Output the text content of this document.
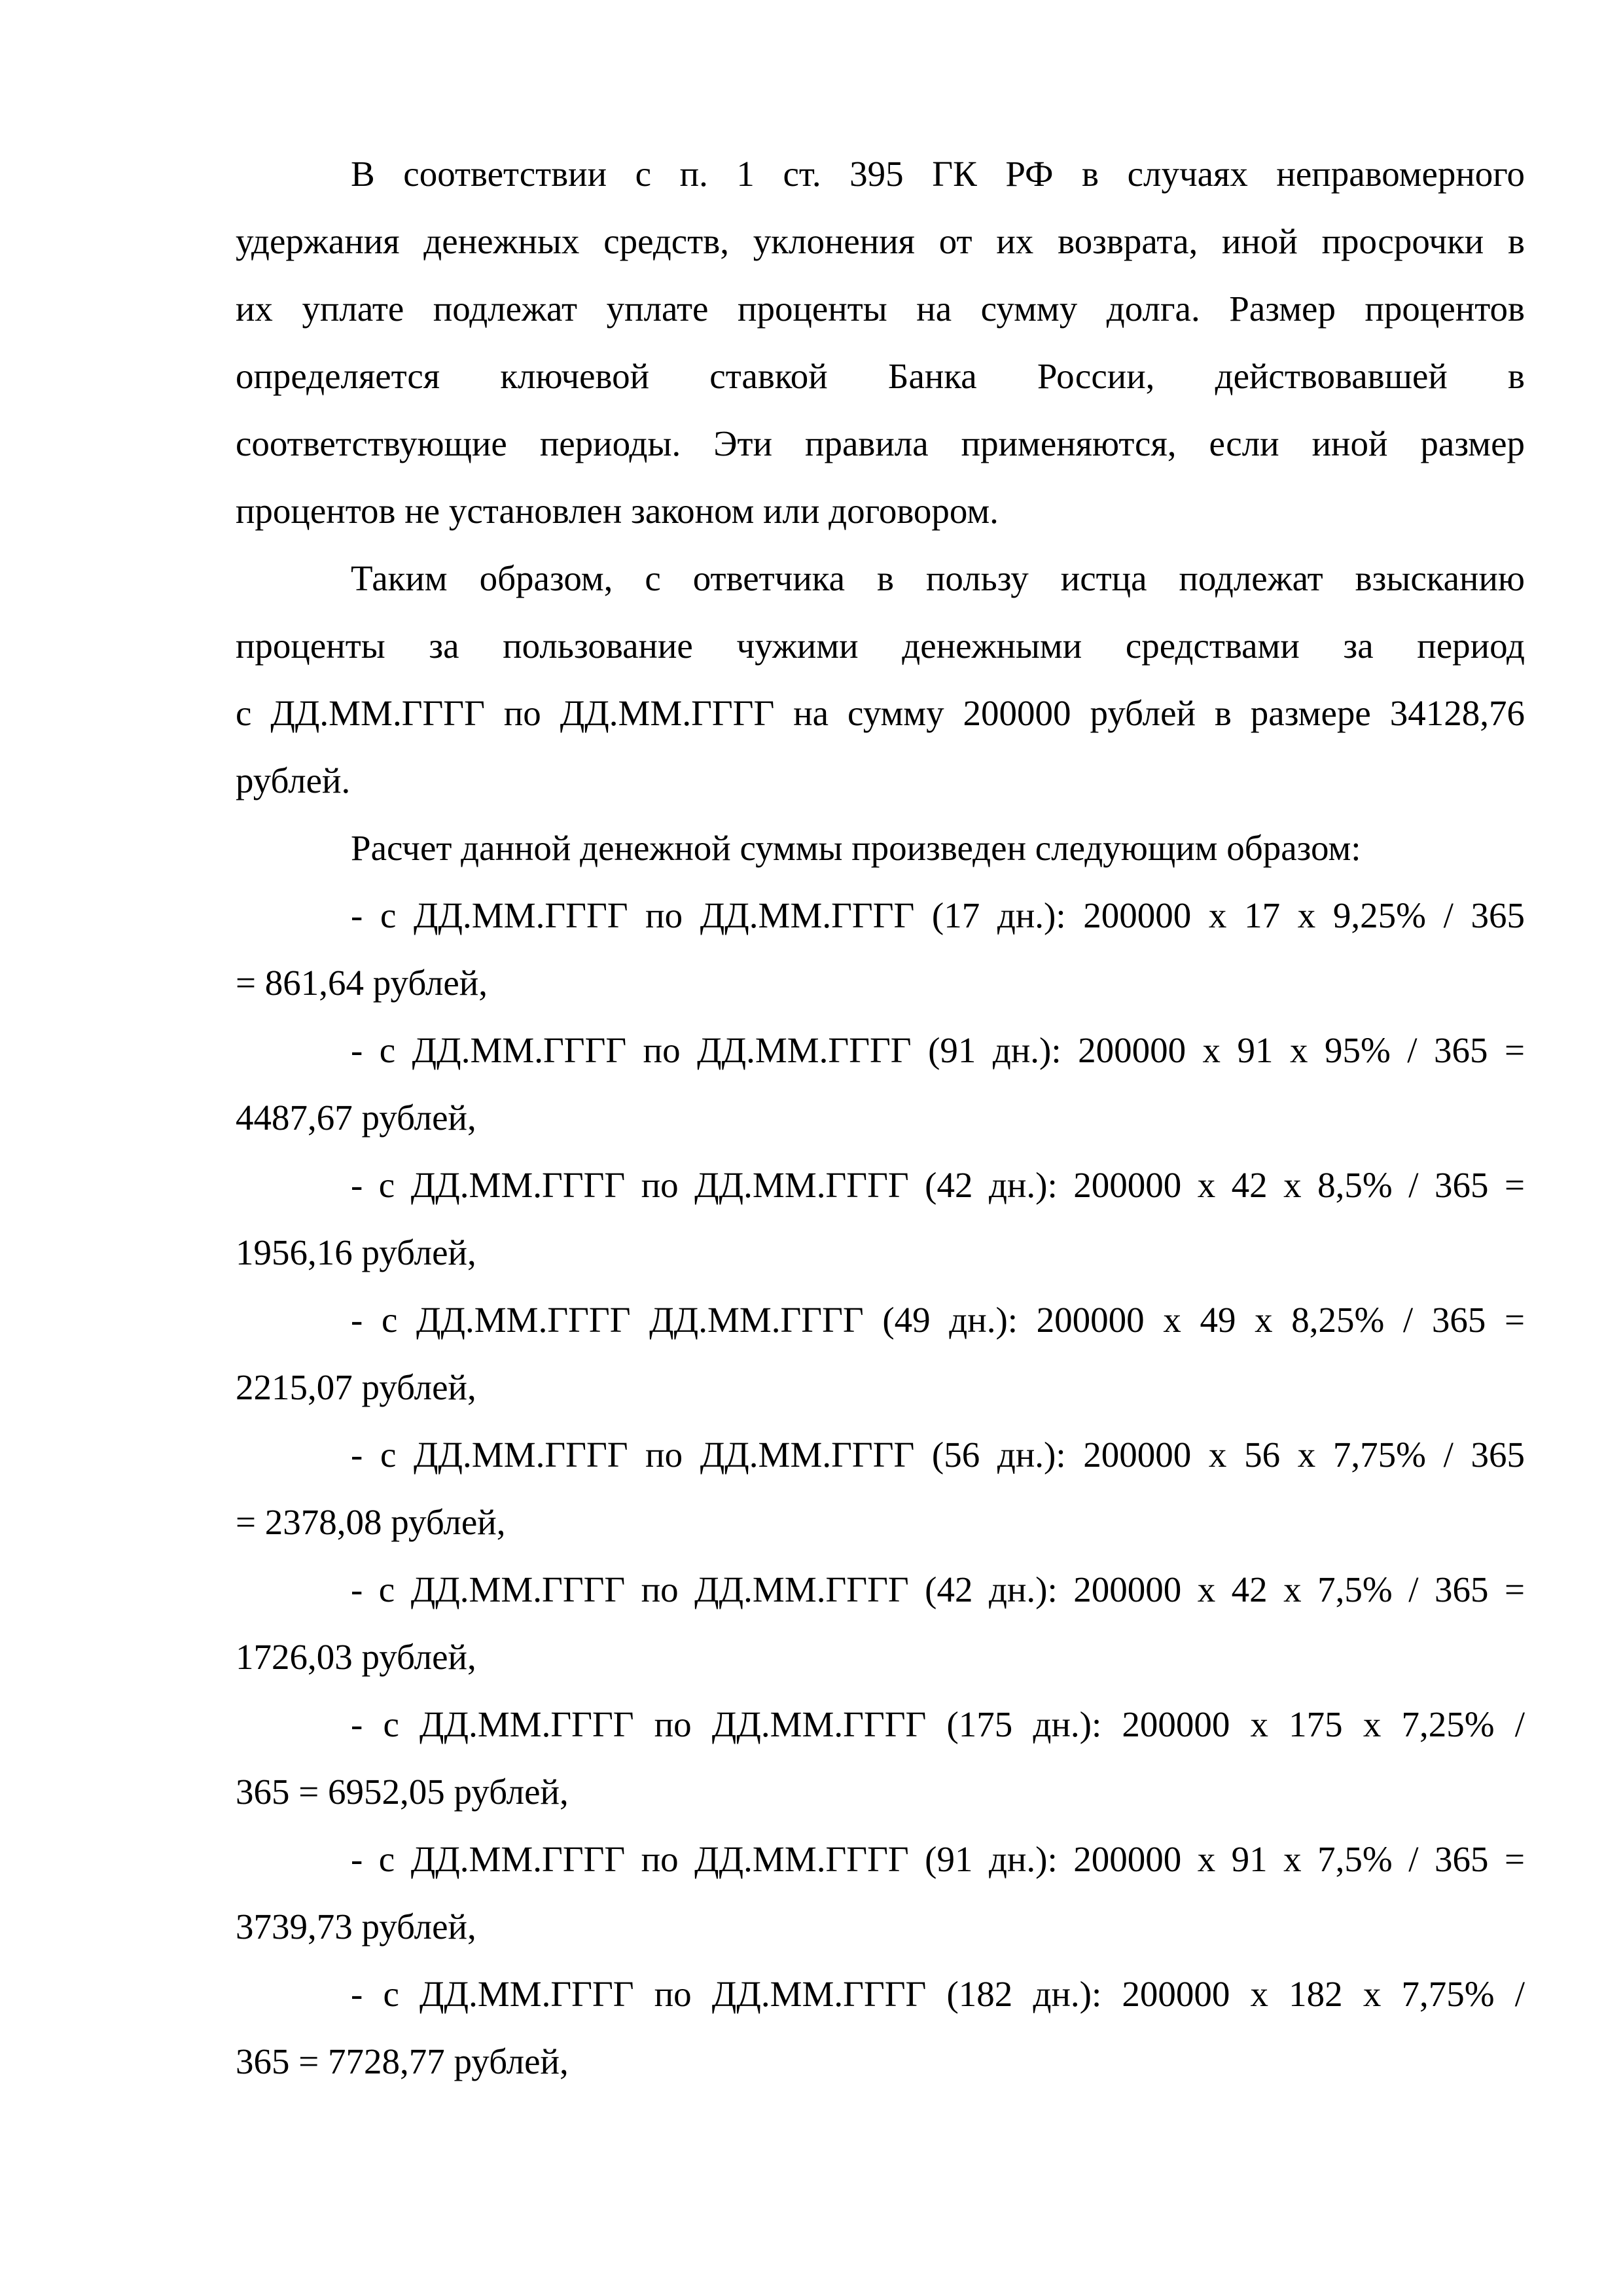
В соответствии с п. 1 ст. 395 ГК РФ в случаях неправомерного
удержания денежных средств, уклонения от их возврата, иной просрочки в
их уплате подлежат уплате проценты на сумму долга. Размер процентов
определяется ключевой ставкой Банка России, действовавшей в
соответствующие периоды. Эти правила применяются, если иной размер
процентов не установлен законом или договором.
Таким образом, с ответчика в пользу истца подлежат взысканию
проценты за пользование чужими денежными средствами за период
с ДД.ММ.ГГГГ по ДД.ММ.ГГГГ на сумму 200000 рублей в размере 34128,76
рублей.
Расчет данной денежной суммы произведен следующим образом:
- с ДД.ММ.ГГГГ по ДД.ММ.ГГГГ (17 дн.): 200000 х 17 х 9,25% / 365
= 861,64 рублей,
- с ДД.ММ.ГГГГ по ДД.ММ.ГГГГ (91 дн.): 200000 х 91 х 95% / 365 =
4487,67 рублей,
- с ДД.ММ.ГГГГ по ДД.ММ.ГГГГ (42 дн.): 200000 х 42 х 8,5% / 365 =
1956,16 рублей,
- с ДД.ММ.ГГГГ ДД.ММ.ГГГГ (49 дн.): 200000 х 49 х 8,25% / 365 =
2215,07 рублей,
- с ДД.ММ.ГГГГ по ДД.ММ.ГГГГ (56 дн.): 200000 х 56 х 7,75% / 365
= 2378,08 рублей,
- с ДД.ММ.ГГГГ по ДД.ММ.ГГГГ (42 дн.): 200000 х 42 х 7,5% / 365 =
1726,03 рублей,
- с ДД.ММ.ГГГГ по ДД.ММ.ГГГГ (175 дн.): 200000 х 175 х 7,25% /
365 = 6952,05 рублей,
- с ДД.ММ.ГГГГ по ДД.ММ.ГГГГ (91 дн.): 200000 х 91 х 7,5% / 365 =
3739,73 рублей,
- с ДД.ММ.ГГГГ по ДД.ММ.ГГГГ (182 дн.): 200000 х 182 х 7,75% /
365 = 7728,77 рублей,
